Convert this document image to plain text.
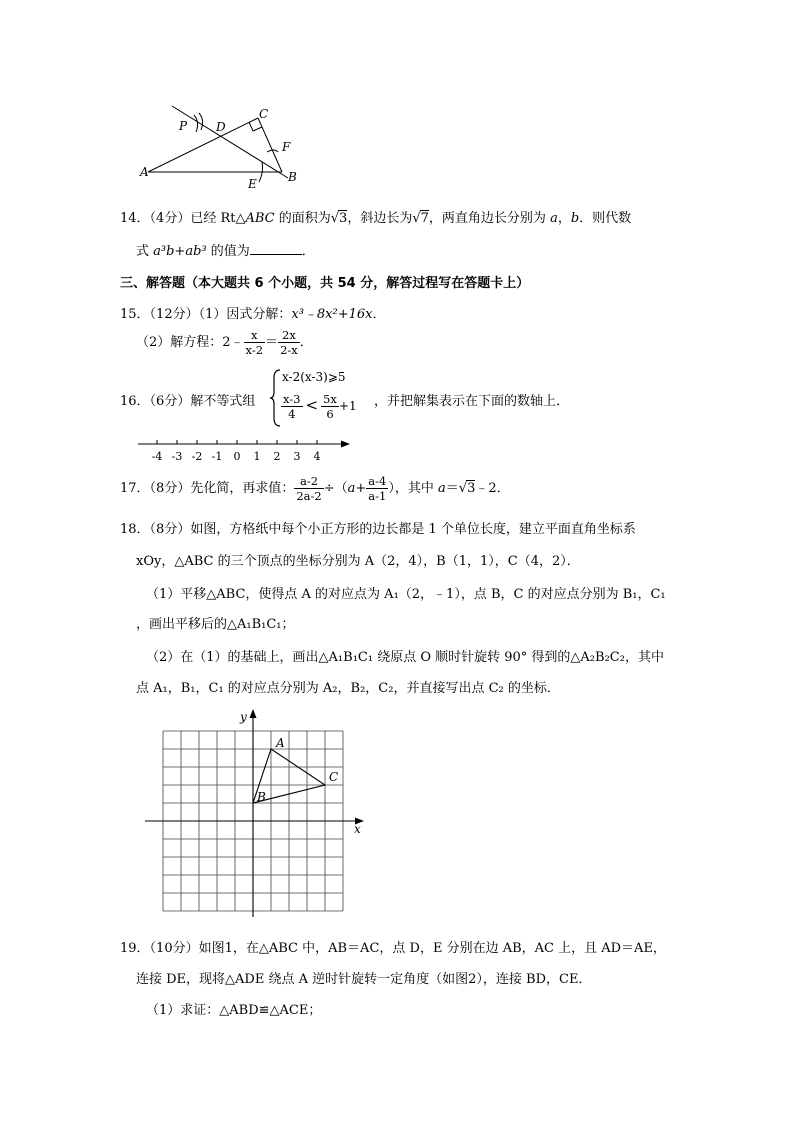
A	B
C
D
E
F
P
14．（4分）已经 Rt△ABC 的面积为√3，斜边长为√7，两直角边长分别为 a，b．则代数
式 a³b+ab³ 的值为	．
三、解答题（本大题共 6 个小题，共 54 分，解答过程写在答题卡上）
15．（12分）（1）因式分解：x³﹣8x²+16x．
（2）解方程：2﹣ $\frac{x}{x-2} = \frac{2x}{2-x}$ ．
16．（6分）解不等式组
x-2(x-3)⩾5
$\frac{x-3}{4} < \frac{5x}{6} +1$ ，并把解集表示在下面的数轴上．
-4 -3 -2 -1 0 1 2 3 4
17．（8分）先化简，再求值： $\frac{a-2}{2a-2} \div(a+ \frac{a-4}{a-1}$ ），其中 a＝√3﹣2．
18．（8分）如图，方格纸中每个小正方形的边长都是 1 个单位长度，建立平面直角坐标系
xOy，△ABC 的三个顶点的坐标分别为 A（2，4），B（1，1），C（4，2）．
（1）平移△ABC，使得点 A 的对应点为 A₁（2，﹣1），点 B，C 的对应点分别为 B₁，C₁
，画出平移后的△A₁B₁C₁；
（2）在（1）的基础上，画出△A₁B₁C₁ 绕原点 O 顺时针旋转 90° 得到的△A₂B₂C₂，其中
点 A₁，B₁，C₁ 的对应点分别为 A₂，B₂，C₂，并直接写出点 C₂ 的坐标．
x
y
A
B
C
19．（10分）如图1，在△ABC 中，AB＝AC，点 D，E 分别在边 AB，AC 上，且 AD＝AE，
连接 DE，现将△ADE 绕点 A 逆时针旋转一定角度（如图2），连接 BD，CE．
（1）求证：△ABD≌△ACE；
